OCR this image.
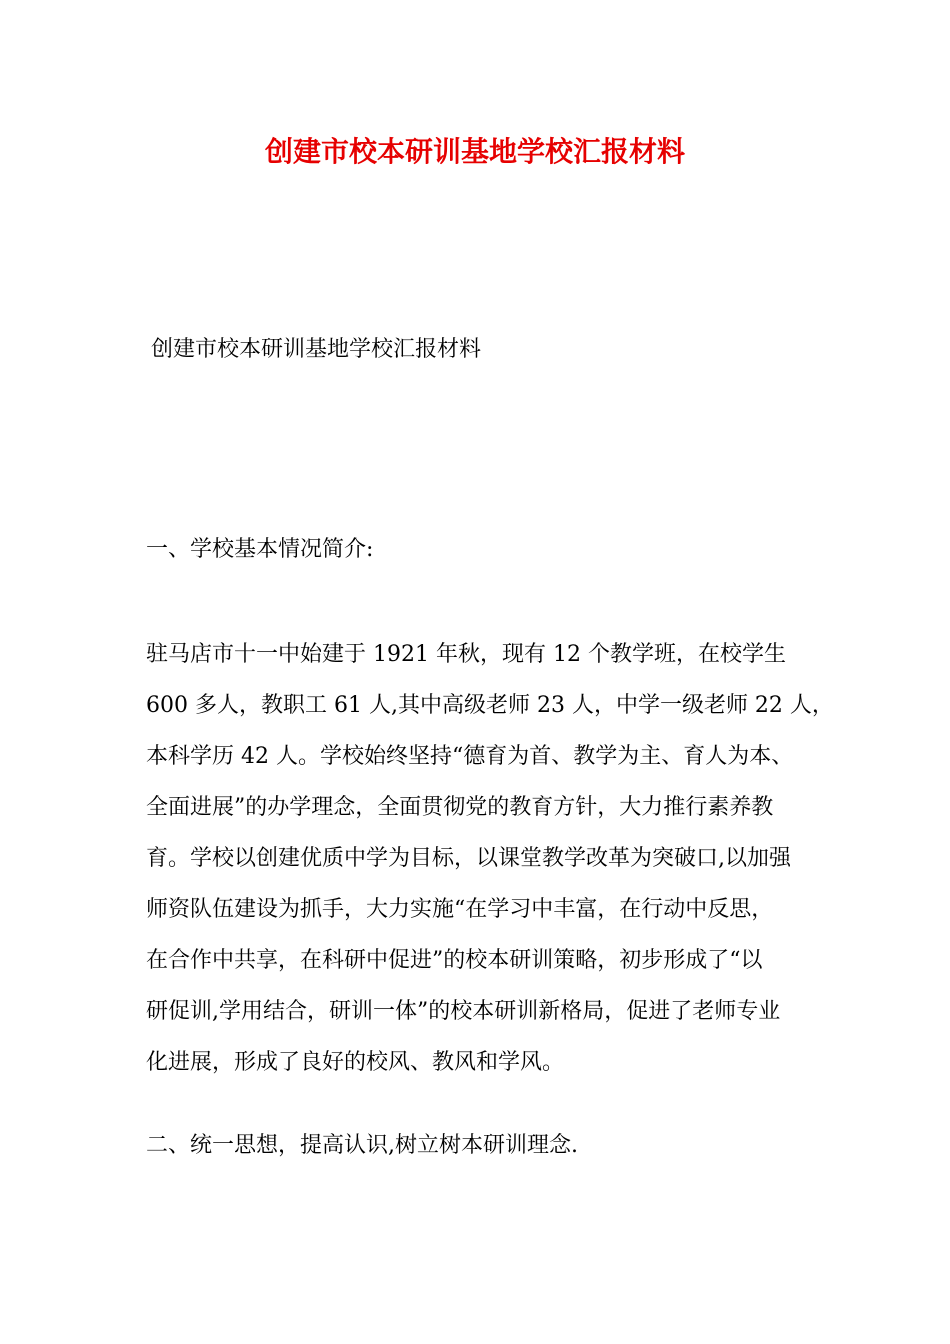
创建市校本研训基地学校汇报材料

创建市校本研训基地学校汇报材料

一、学校基本情况简介:

驻马店市十一中始建于 1921 年秋，现有 12 个教学班，在校学生
600 多人，教职工 61 人,其中高级老师 23 人，中学一级老师 22 人，
本科学历 42 人。学校始终坚持“德育为首、教学为主、育人为本、
全面进展”的办学理念，全面贯彻党的教育方针，大力推行素养教
育。学校以创建优质中学为目标，以课堂教学改革为突破口,以加强
师资队伍建设为抓手，大力实施“在学习中丰富，在行动中反思，
在合作中共享，在科研中促进”的校本研训策略，初步形成了“以
研促训,学用结合，研训一体”的校本研训新格局，促进了老师专业
化进展，形成了良好的校风、教风和学风。

二、统一思想，提高认识,树立树本研训理念.
